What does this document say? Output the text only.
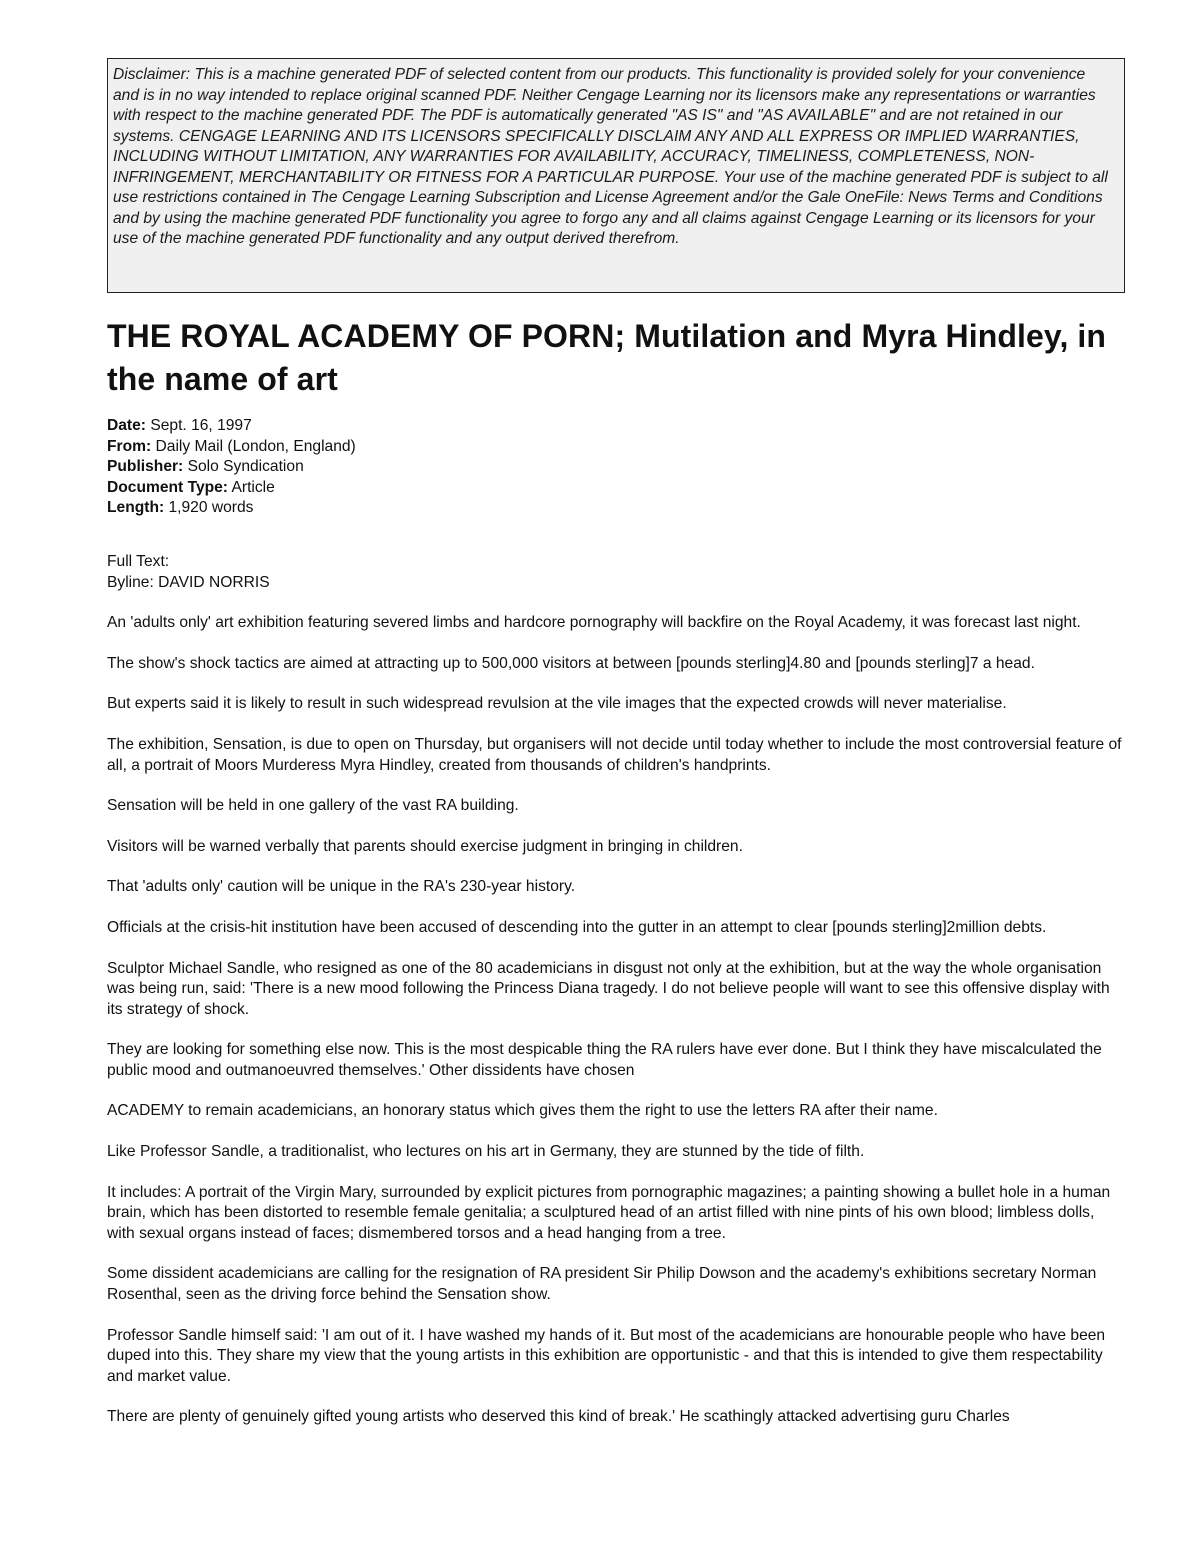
Disclaimer: This is a machine generated PDF of selected content from our products. This functionality is provided solely for your convenience and is in no way intended to replace original scanned PDF. Neither Cengage Learning nor its licensors make any representations or warranties with respect to the machine generated PDF. The PDF is automatically generated "AS IS" and "AS AVAILABLE" and are not retained in our systems. CENGAGE LEARNING AND ITS LICENSORS SPECIFICALLY DISCLAIM ANY AND ALL EXPRESS OR IMPLIED WARRANTIES, INCLUDING WITHOUT LIMITATION, ANY WARRANTIES FOR AVAILABILITY, ACCURACY, TIMELINESS, COMPLETENESS, NON-INFRINGEMENT, MERCHANTABILITY OR FITNESS FOR A PARTICULAR PURPOSE. Your use of the machine generated PDF is subject to all use restrictions contained in The Cengage Learning Subscription and License Agreement and/or the Gale OneFile: News Terms and Conditions and by using the machine generated PDF functionality you agree to forgo any and all claims against Cengage Learning or its licensors for your use of the machine generated PDF functionality and any output derived therefrom.
THE ROYAL ACADEMY OF PORN; Mutilation and Myra Hindley, in the name of art
Date: Sept. 16, 1997
From: Daily Mail (London, England)
Publisher: Solo Syndication
Document Type: Article
Length: 1,920 words
Full Text:
Byline: DAVID NORRIS

An 'adults only' art exhibition featuring severed limbs and hardcore pornography will backfire on the Royal Academy, it was forecast last night.

The show's shock tactics are aimed at attracting up to 500,000 visitors at between [pounds sterling]4.80 and [pounds sterling]7 a head.

But experts said it is likely to result in such widespread revulsion at the vile images that the expected crowds will never materialise.

The exhibition, Sensation, is due to open on Thursday, but organisers will not decide until today whether to include the most controversial feature of all, a portrait of Moors Murderess Myra Hindley, created from thousands of children's handprints.

Sensation will be held in one gallery of the vast RA building.

Visitors will be warned verbally that parents should exercise judgment in bringing in children.

That 'adults only' caution will be unique in the RA's 230-year history.

Officials at the crisis-hit institution have been accused of descending into the gutter in an attempt to clear [pounds sterling]2million debts.

Sculptor Michael Sandle, who resigned as one of the 80 academicians in disgust not only at the exhibition, but at the way the whole organisation was being run, said: 'There is a new mood following the Princess Diana tragedy. I do not believe people will want to see this offensive display with its strategy of shock.

They are looking for something else now. This is the most despicable thing the RA rulers have ever done. But I think they have miscalculated the public mood and outmanoeuvred themselves.' Other dissidents have chosen

ACADEMY to remain academicians, an honorary status which gives them the right to use the letters RA after their name.

Like Professor Sandle, a traditionalist, who lectures on his art in Germany, they are stunned by the tide of filth.

It includes: A portrait of the Virgin Mary, surrounded by explicit pictures from pornographic magazines; a painting showing a bullet hole in a human brain, which has been distorted to resemble female genitalia; a sculptured head of an artist filled with nine pints of his own blood; limbless dolls, with sexual organs instead of faces; dismembered torsos and a head hanging from a tree.

Some dissident academicians are calling for the resignation of RA president Sir Philip Dowson and the academy's exhibitions secretary Norman Rosenthal, seen as the driving force behind the Sensation show.

Professor Sandle himself said: 'I am out of it. I have washed my hands of it. But most of the academicians are honourable people who have been duped into this. They share my view that the young artists in this exhibition are opportunistic - and that this is intended to give them respectability and market value.

There are plenty of genuinely gifted young artists who deserved this kind of break.' He scathingly attacked advertising guru Charles
